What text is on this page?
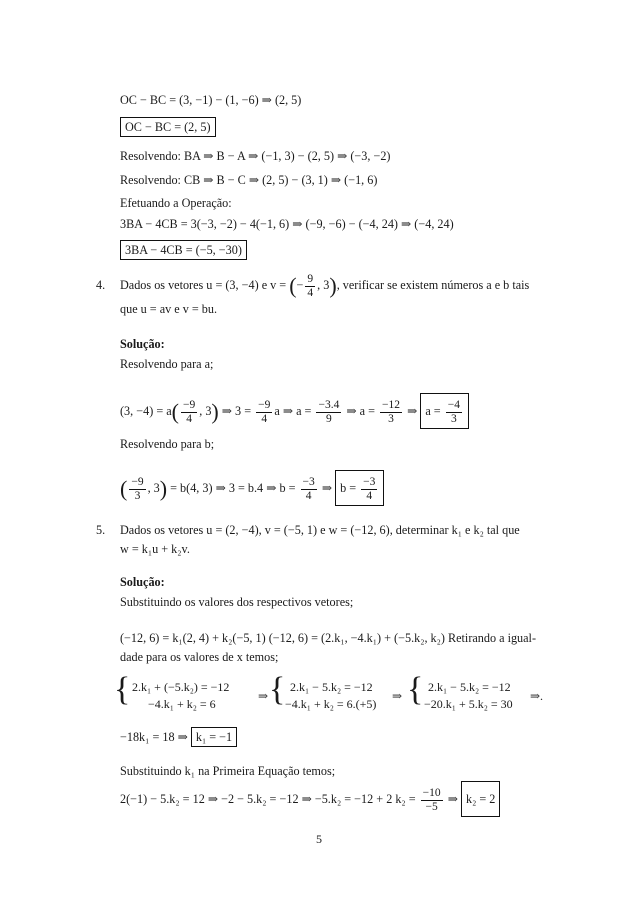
OC − BC = (3, −1) − (1, −6) ⇒ (2, 5)
OC − BC = (2, 5)
Resolvendo: BA ⇒ B − A ⇒ (−1, 3) − (2, 5) ⇒ (−3, −2)
Resolvendo: CB ⇒ B − C ⇒ (2, 5) − (3, 1) ⇒ (−1, 6)
Efetuando a Operação:
3BA − 4CB = 3(−3, −2) − 4(−1, 6) ⇒ (−9, −6) − (−4, 24) ⇒ (−4, 24)
3BA − 4CB = (−5, −30)
4. Dados os vetores u = (3, −4) e v = (− $\frac{9}{4}$ , 3), verificar se existem números a e b tais
que u = av e v = bu.
Solução:
Resolvendo para a;
(3, $-4) = a( \frac{-9}{4}$ , 3) ⇒ $3 = \frac{-9}{4}$ a ⇒ $a = \frac{-3.4}{9}$ ⇒ $a = \frac{-12}{3}$ ⇒ $a = \frac{-4}{3}$
Resolvendo para b;
( $\frac{-9}{3}$ , 3) = b(4, 3) ⇒ 3 = b.4 ⇒ $b = \frac{-3}{4}$ ⇒ $b = \frac{-3}{4}$
5. Dados os vetores u = (2, −4), v = (−5, 1) e w = (−12, 6), determinar k₁ e k₂ tal que
w = k₁u + k₂v.
Solução:
Substituindo os valores dos respectivos vetores;
(−12, 6) = k₁(2, 4) + k₂(−5, 1) (−12, 6) = (2.k₁, −4.k₁) + (−5.k₂, k₂) Retirando a igual-
dade para os valores de x temos;
{ 2.k₁ + (−5.k₂) = −12
−4.k₁ + k₂ = 6
⇒ { 2.k₁ − 5.k₂ = −12
−4.k₁ + k₂ = 6.(+5)
⇒ { 2.k₁ − 5.k₂ = −12
−20.k₁ + 5.k₂ = 30
⇒.
−18k₁ = 18 ⇒ k₁ = −1
Substituindo k₁ na Primeira Equação temos;
2(−1) − 5.k₂ = 12 ⇒ −2 − 5.k₂ = −12 ⇒ −5.k₂ = −12 + 2 $k_2 = \frac{-10}{-5}$ ⇒ k₂ = 2
5
